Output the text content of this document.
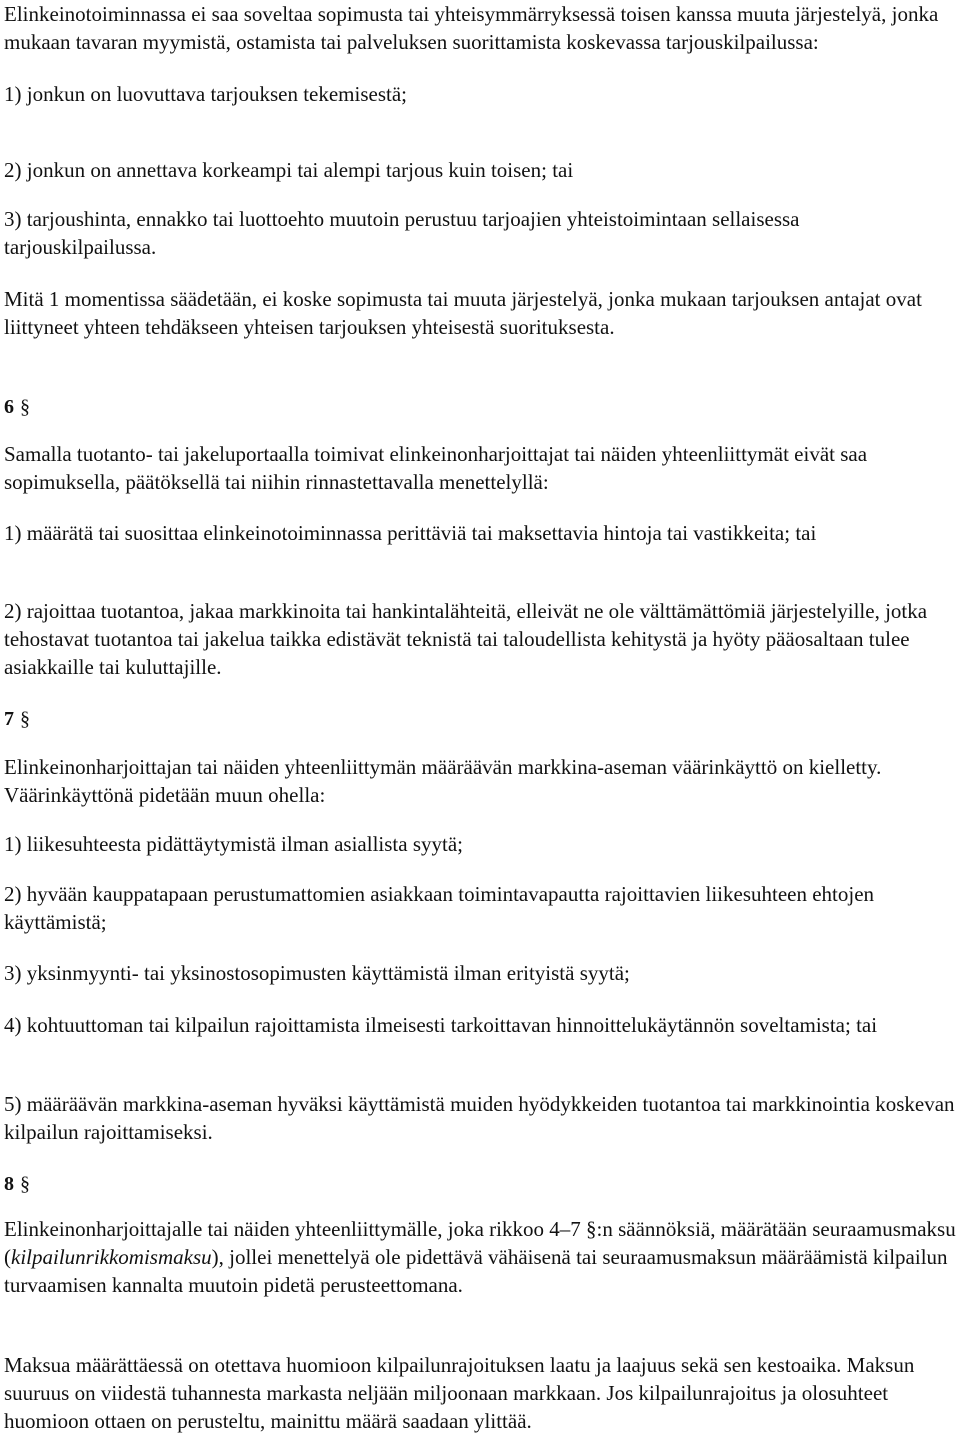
Elinkeinotoiminnassa ei saa soveltaa sopimusta tai yhteisymmärryksessä toisen kanssa muuta järjestelyä, jonka mukaan tavaran myymistä, ostamista tai palveluksen suorittamista koskevassa tarjouskilpailussa:

1) jonkun on luovuttava tarjouksen tekemisestä;

2) jonkun on annettava korkeampi tai alempi tarjous kuin toisen; tai

3) tarjoushinta, ennakko tai luottoehto muutoin perustuu tarjoajien yhteistoimintaan sellaisessa tarjouskilpailussa.

Mitä 1 momentissa säädetään, ei koske sopimusta tai muuta järjestelyä, jonka mukaan tarjouksen antajat ovat liittyneet yhteen tehdäkseen yhteisen tarjouksen yhteisestä suorituksesta.

6 §

Samalla tuotanto- tai jakeluportaalla toimivat elinkeinonharjoittajat tai näiden yhteenliittymät eivät saa sopimuksella, päätöksellä tai niihin rinnastettavalla menettelyllä:

1) määrätä tai suosittaa elinkeinotoiminnassa perittäviä tai maksettavia hintoja tai vastikkeita; tai

2) rajoittaa tuotantoa, jakaa markkinoita tai hankintalähteitä, elleivät ne ole välttämättömiä järjestelyille, jotka tehostavat tuotantoa tai jakelua taikka edistävät teknistä tai taloudellista kehitystä ja hyöty pääosaltaan tulee asiakkaille tai kuluttajille.

7 §

Elinkeinonharjoittajan tai näiden yhteenliittymän määräävän markkina-aseman väärinkäyttö on kielletty. Väärinkäyttönä pidetään muun ohella:

1) liikesuhteesta pidättäytymistä ilman asiallista syytä;

2) hyvään kauppatapaan perustumattomien asiakkaan toimintavapautta rajoittavien liikesuhteen ehtojen käyttämistä;

3) yksinmyynti- tai yksinostosopimusten käyttämistä ilman erityistä syytä;

4) kohtuuttoman tai kilpailun rajoittamista ilmeisesti tarkoittavan hinnoittelukäytännön soveltamista; tai

5) määräävän markkina-aseman hyväksi käyttämistä muiden hyödykkeiden tuotantoa tai markkinointia koskevan kilpailun rajoittamiseksi.

8 §

Elinkeinonharjoittajalle tai näiden yhteenliittymälle, joka rikkoo 4–7 §:n säännöksiä, määrätään seuraamusmaksu (kilpailunrikkomismaksu), jollei menettelyä ole pidettävä vähäisenä tai seuraamusmaksun määräämistä kilpailun turvaamisen kannalta muutoin pidetä perusteettomana.

Maksua määrättäessä on otettava huomioon kilpailunrajoituksen laatu ja laajuus sekä sen kestoaika. Maksun suuruus on viidestä tuhannesta markasta neljään miljoonaan markkaan. Jos kilpailunrajoitus ja olosuhteet huomioon ottaen on perusteltu, mainittu määrä saadaan ylittää.
